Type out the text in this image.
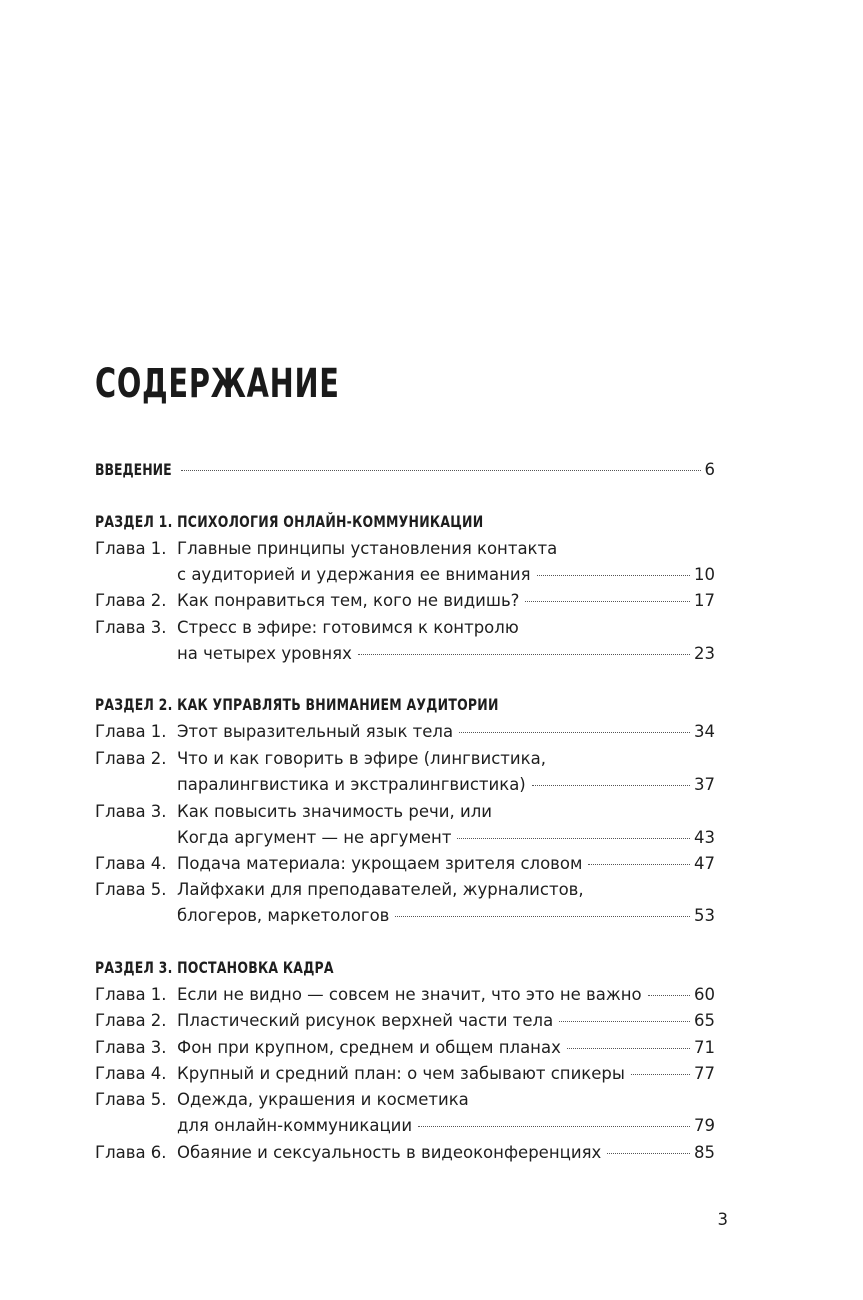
СОДЕРЖАНИЕ
ВВЕДЕНИЕ	6
РАЗДЕЛ 1. ПСИХОЛОГИЯ ОНЛАЙН-КОММУНИКАЦИИ
Глава 1. Главные принципы установления контакта
с аудиторией и удержания ее внимания	10
Глава 2. Как понравиться тем, кого не видишь?	17
Глава 3. Стресс в эфире: готовимся к контролю
на четырех уровнях	23
РАЗДЕЛ 2. КАК УПРАВЛЯТЬ ВНИМАНИЕМ АУДИТОРИИ
Глава 1. Этот выразительный язык тела	34
Глава 2. Что и как говорить в эфире (лингвистика,
паралингвистика и экстралингвистика)	37
Глава 3. Как повысить значимость речи, или
Когда аргумент — не аргумент	43
Глава 4. Подача материала: укрощаем зрителя словом	47
Глава 5. Лайфхаки для преподавателей, журналистов,
блогеров, маркетологов	53
РАЗДЕЛ 3. ПОСТАНОВКА КАДРА
Глава 1. Если не видно — совсем не значит, что это не важно	60
Глава 2. Пластический рисунок верхней части тела	65
Глава 3. Фон при крупном, среднем и общем планах	71
Глава 4. Крупный и средний план: о чем забывают спикеры	77
Глава 5. Одежда, украшения и косметика
для онлайн-коммуникации	79
Глава 6. Обаяние и сексуальность в видеоконференциях	85
3
